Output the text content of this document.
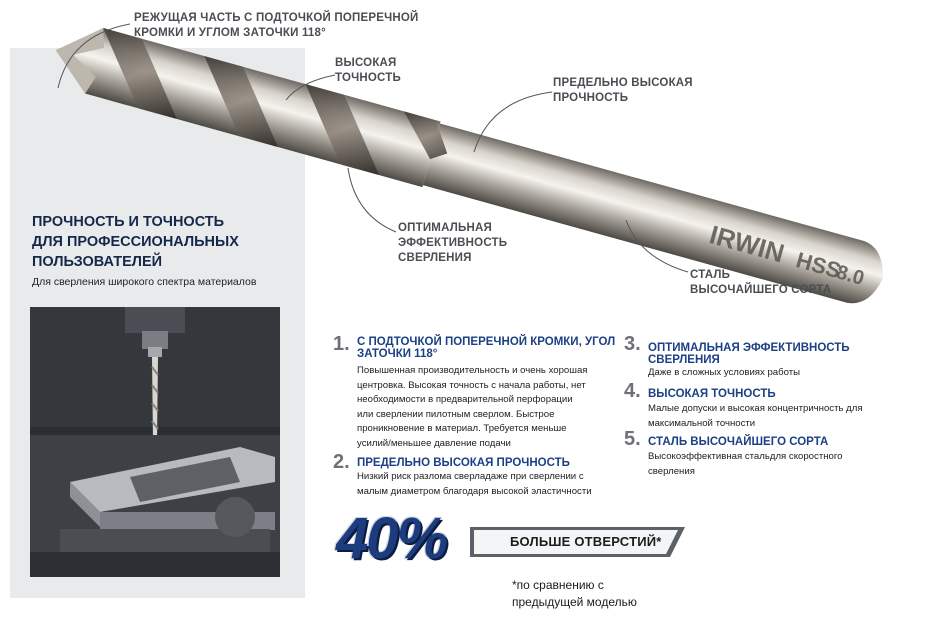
IRWIN HSS
8.0
РЕЖУЩАЯ ЧАСТЬ С ПОДТОЧКОЙ ПОПЕРЕЧНОЙ
КРОМКИ И УГЛОМ ЗАТОЧКИ 118°
ВЫСОКАЯ
ТОЧНОСТЬ	ПРЕДЕЛЬНО ВЫСОКАЯ
ПРОЧНОСТЬ
ОПТИМАЛЬНАЯ
ЭФФЕКТИВНОСТЬ
СВЕРЛЕНИЯ
СТАЛЬ
ВЫСОЧАЙШЕГО СОРТА
ПРОЧНОСТЬ И ТОЧНОСТЬ
ДЛЯ ПРОФЕССИОНАЛЬНЫХ
ПОЛЬЗОВАТЕЛЕЙ
Для сверления широкого спектра материалов
1. С ПОДТОЧКОЙ ПОПЕРЕЧНОЙ КРОМКИ, УГОЛ
ЗАТОЧКИ 118°
Повышенная производительность и очень хорошая
центровка. Высокая точность с начала работы, нет
необходимости в предварительной перфорации
или сверлении пилотным сверлом. Быстрое
проникновение в материал. Требуется меньше
усилий/меньшее давление подачи
2. ПРЕДЕЛЬНО ВЫСОКАЯ ПРОЧНОСТЬ
Низкий риск разлома сверладаже при сверлении с
малым диаметром благодаря высокой эластичности
3. ОПТИМАЛЬНАЯ ЭФФЕКТИВНОСТЬ
СВЕРЛЕНИЯ
Даже в сложных условиях работы
4. ВЫСОКАЯ ТОЧНОСТЬ
Малые допуски и высокая концентричность для
максимальной точности
5. СТАЛЬ ВЫСОЧАЙШЕГО СОРТА
Высокоэффективная стальдля скоростного
сверления
40%	БОЛЬШЕ ОТВЕРСТИЙ*
*по сравнению с
предыдущей моделью
